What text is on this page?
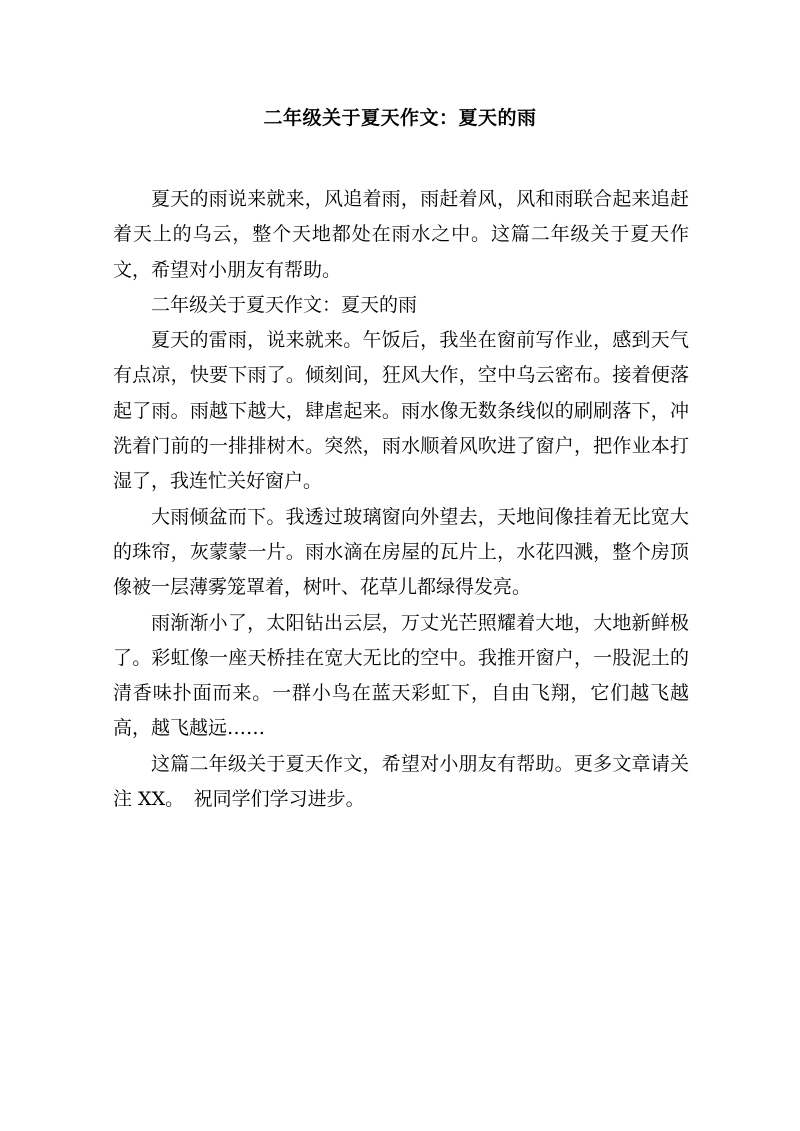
二年级关于夏天作文：夏天的雨

夏天的雨说来就来，风追着雨，雨赶着风，风和雨联合起来追赶着天上的乌云，整个天地都处在雨水之中。这篇二年级关于夏天作文，希望对小朋友有帮助。

二年级关于夏天作文：夏天的雨

夏天的雷雨，说来就来。午饭后，我坐在窗前写作业，感到天气有点凉，快要下雨了。倾刻间，狂风大作，空中乌云密布。接着便落起了雨。雨越下越大，肆虐起来。雨水像无数条线似的刷刷落下，冲洗着门前的一排排树木。突然，雨水顺着风吹进了窗户，把作业本打湿了，我连忙关好窗户。

大雨倾盆而下。我透过玻璃窗向外望去，天地间像挂着无比宽大的珠帘，灰蒙蒙一片。雨水滴在房屋的瓦片上，水花四溅，整个房顶像被一层薄雾笼罩着，树叶、花草儿都绿得发亮。

雨渐渐小了，太阳钻出云层，万丈光芒照耀着大地，大地新鲜极了。彩虹像一座天桥挂在宽大无比的空中。我推开窗户，一股泥土的清香味扑面而来。一群小鸟在蓝天彩虹下，自由飞翔，它们越飞越高，越飞越远……

这篇二年级关于夏天作文，希望对小朋友有帮助。更多文章请关注 XX。　祝同学们学习进步。
